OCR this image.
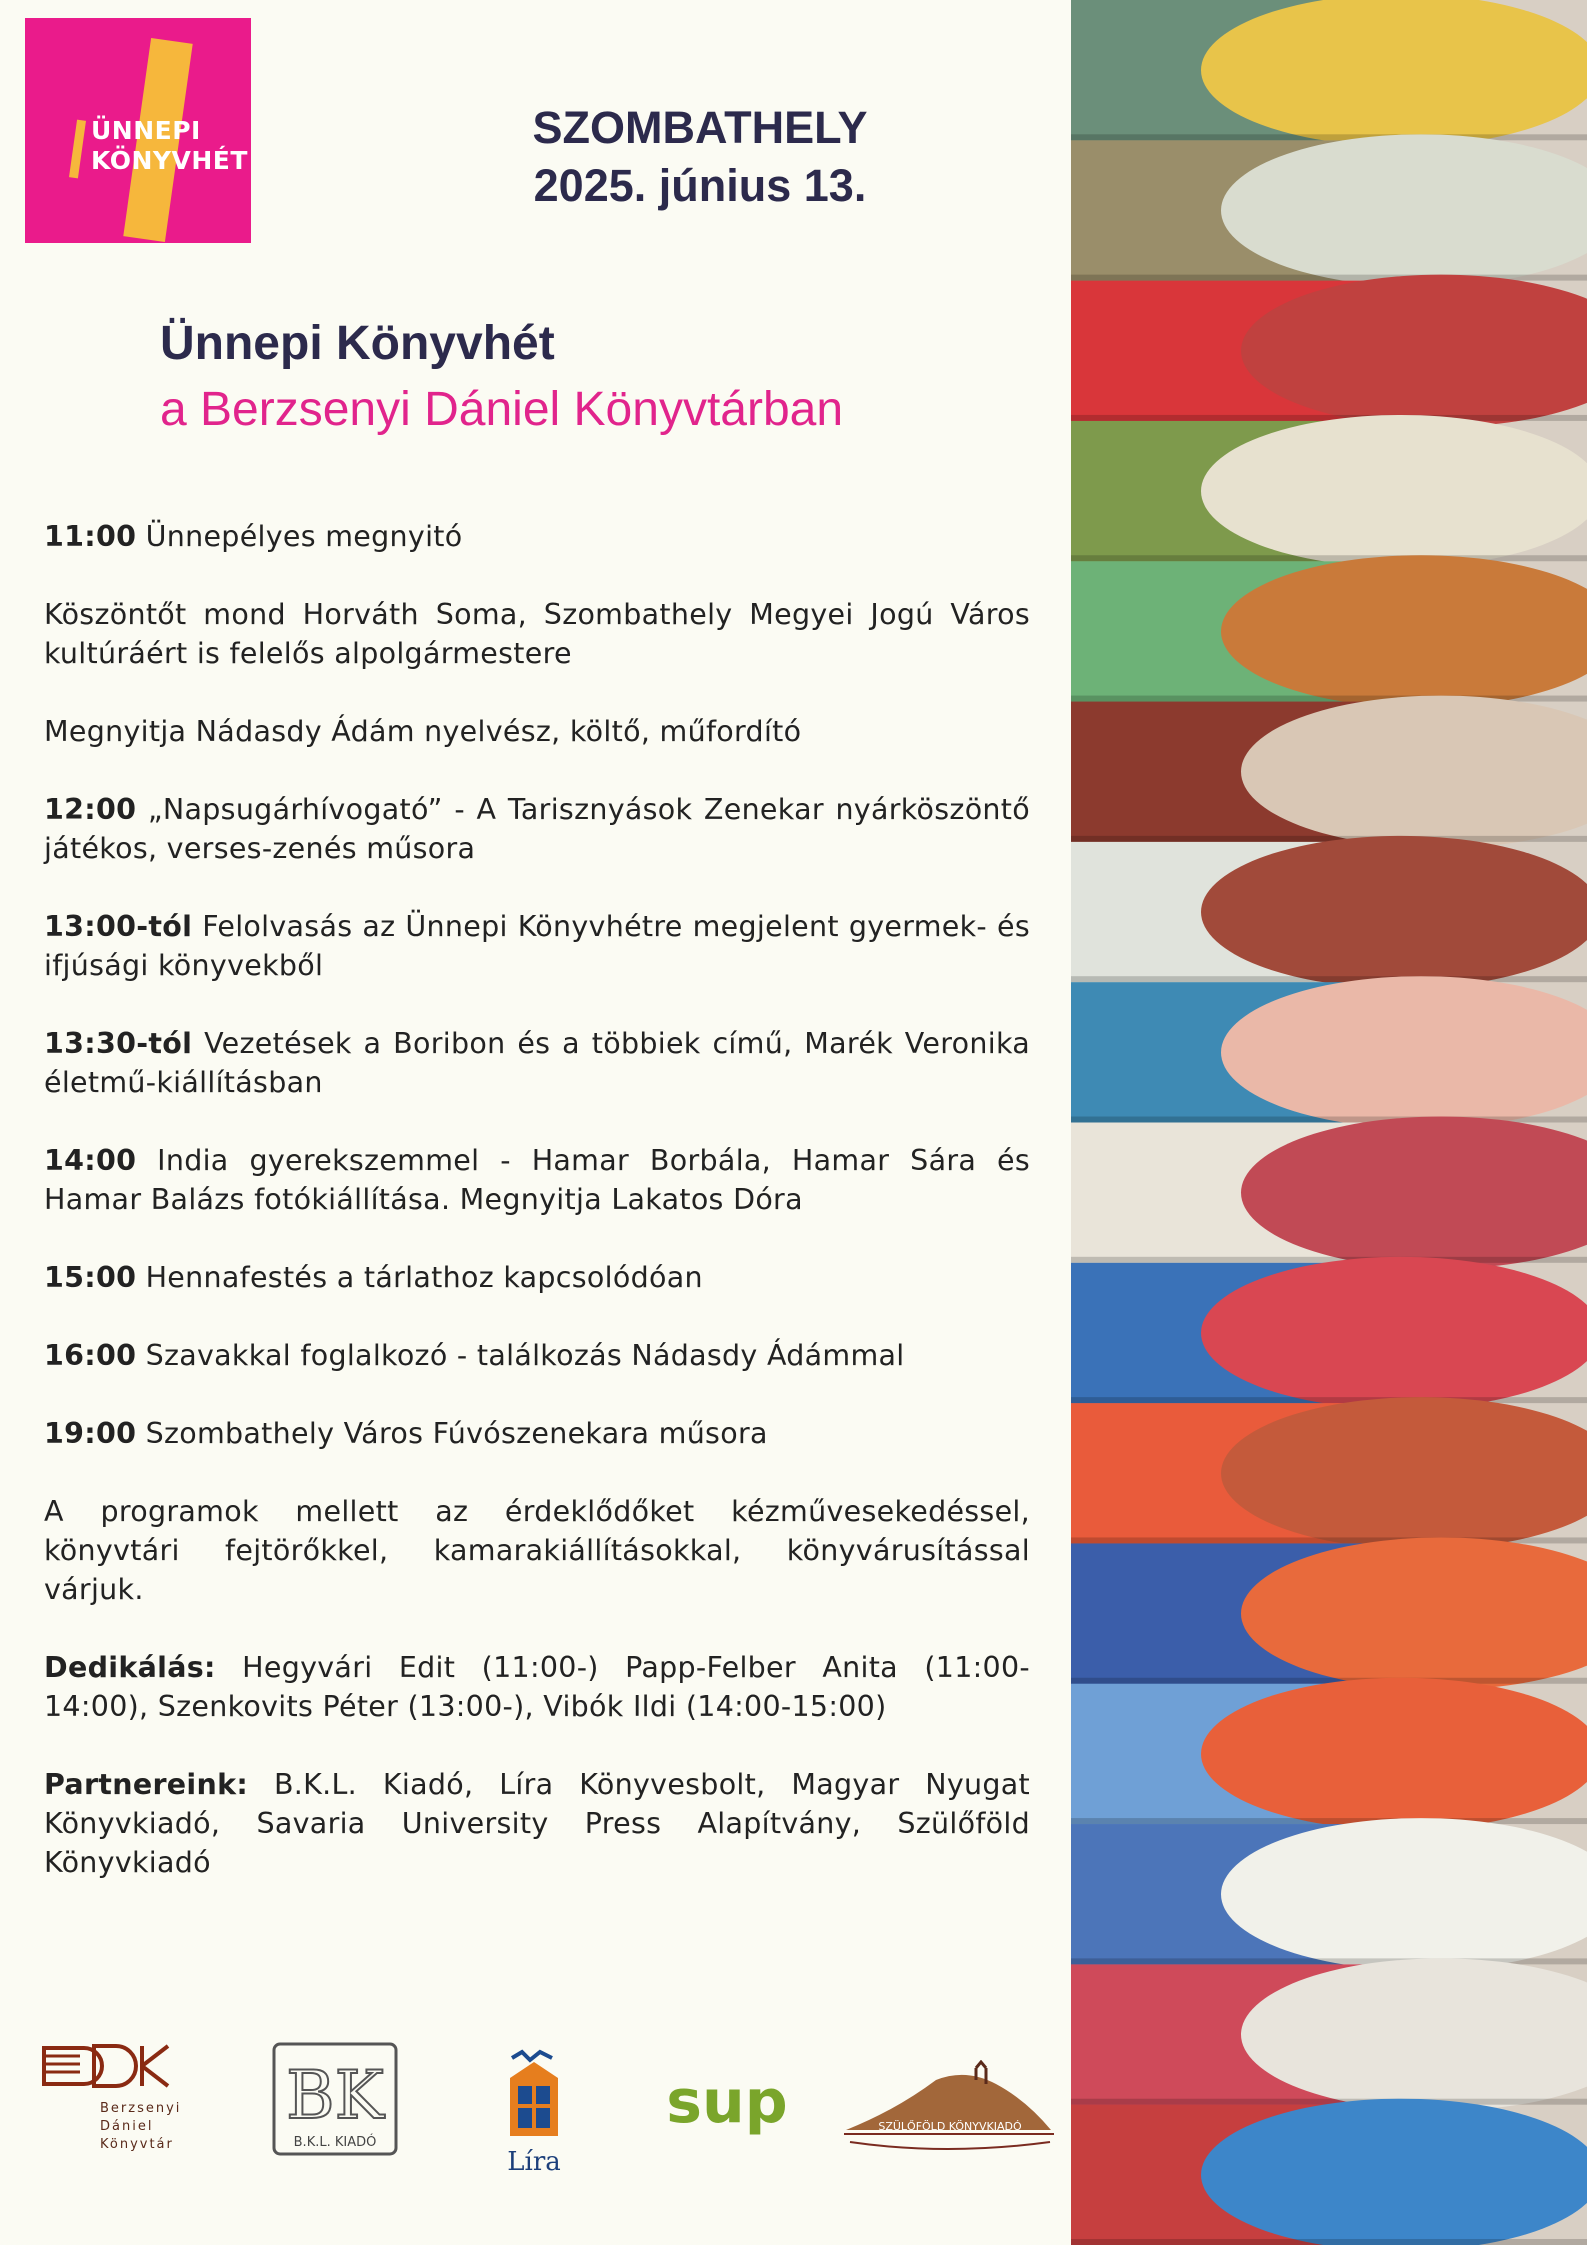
ÜNNEPI
KÖNYVHÉT
SZOMBATHELY
2025. június 13.
Ünnepi Könyvhét
a Berzsenyi Dániel Könyvtárban

11:00 Ünnepélyes megnyitó

Köszöntőt mond Horváth Soma, Szombathely Megyei Jogú Város kultúráért is felelős alpolgármestere

Megnyitja Nádasdy Ádám nyelvész, költő, műfordító

12:00 „Napsugárhívogató” - A Tarisznyások Zenekar nyárköszöntő játékos, verses-zenés műsora

13:00-tól Felolvasás az Ünnepi Könyvhétre megjelent gyermek- és ifjúsági könyvekből

13:30-tól Vezetések a Boribon és a többiek című, Marék Veronika életmű-kiállításban

14:00 India gyerekszemmel - Hamar Borbála, Hamar Sára és Hamar Balázs fotókiállítása. Megnyitja Lakatos Dóra

15:00 Hennafestés a tárlathoz kapcsolódóan

16:00 Szavakkal foglalkozó - találkozás Nádasdy Ádámmal

19:00 Szombathely Város Fúvószenekara műsora

A programok mellett az érdeklődőket kézművesekedéssel, könyvtári fejtörőkkel, kamarakiállításokkal, könyvárusítással várjuk.

Dedikálás: Hegyvári Edit (11:00-) Papp-Felber Anita (11:00-14:00), Szenkovits Péter (13:00-), Vibók Ildi (14:00-15:00)

Partnereink: B.K.L. Kiadó, Líra Könyvesbolt, Magyar Nyugat Könyvkiadó, Savaria University Press Alapítvány, Szülőföld Könyvkiadó

Berzsenyi
Dániel
Könyvtár
BK
B.K.L. KIADÓ
Líra
sup	SZÜLŐFÖLD KÖNYVKIADÓ
